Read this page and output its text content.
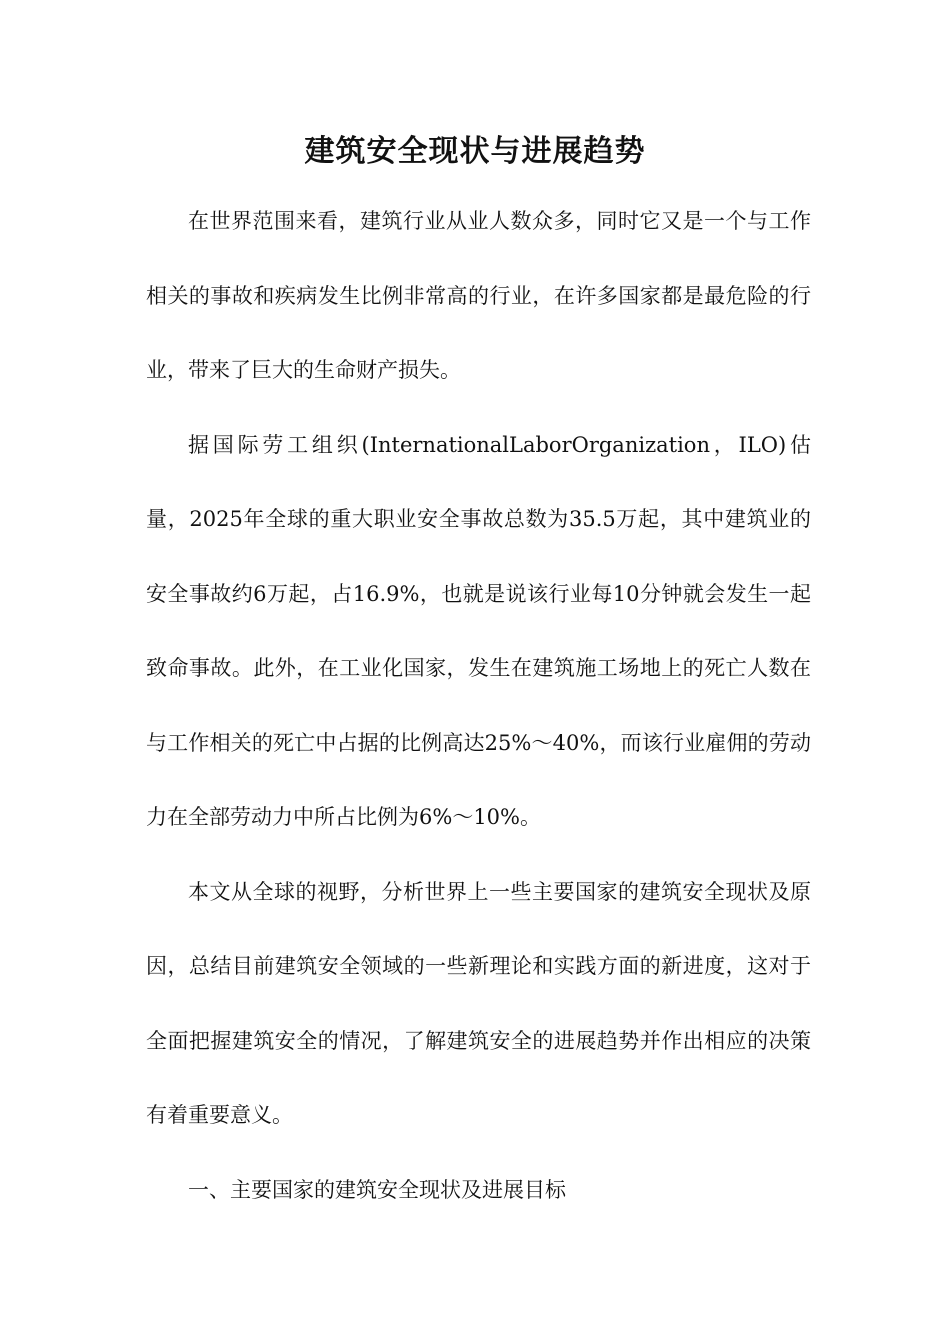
建筑安全现状与进展趋势

在世界范围来看，建筑行业从业人数众多，同时它又是一个与工作相关的事故和疾病发生比例非常高的行业，在许多国家都是最危险的行业，带来了巨大的生命财产损失。

据国际劳工组织(InternationalLaborOrganization，ILO)估量，2025年全球的重大职业安全事故总数为35.5万起，其中建筑业的安全事故约6万起，占16.9%，也就是说该行业每10分钟就会发生一起致命事故。此外，在工业化国家，发生在建筑施工场地上的死亡人数在与工作相关的死亡中占据的比例高达25%～40%，而该行业雇佣的劳动力在全部劳动力中所占比例为6%～10%。

本文从全球的视野，分析世界上一些主要国家的建筑安全现状及原因，总结目前建筑安全领域的一些新理论和实践方面的新进度，这对于全面把握建筑安全的情况，了解建筑安全的进展趋势并作出相应的决策有着重要意义。

一、主要国家的建筑安全现状及进展目标
